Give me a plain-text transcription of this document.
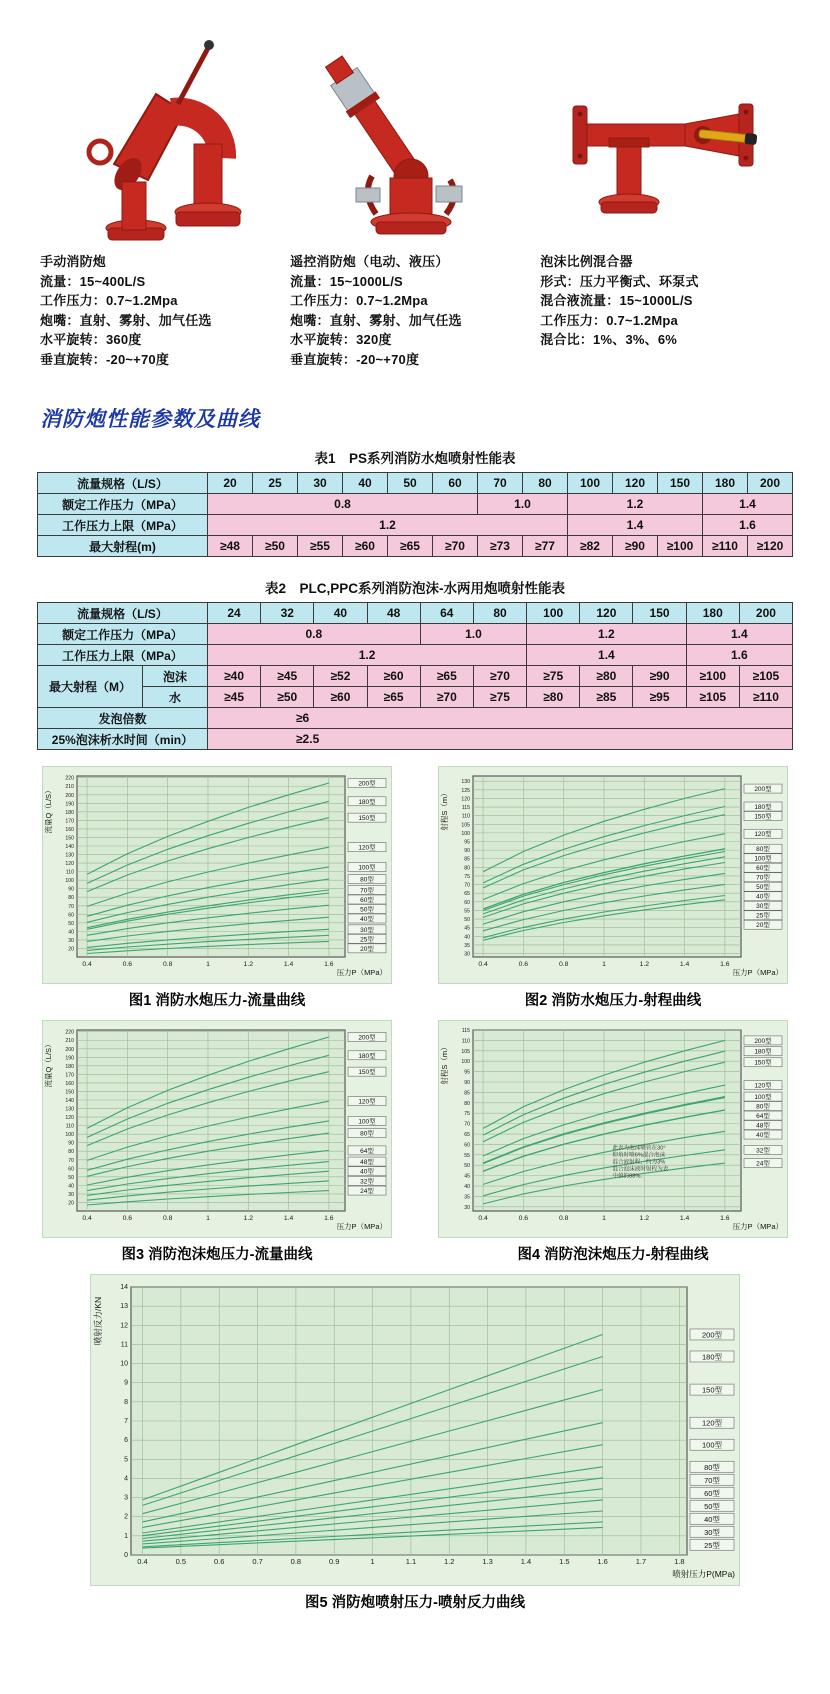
手动消防炮
流量：15~400L/S
工作压力：0.7~1.2Mpa
炮嘴：直射、雾射、加气任选
水平旋转：360度
垂直旋转：-20~+70度
遥控消防炮（电动、液压）
流量：15~1000L/S
工作压力：0.7~1.2Mpa
炮嘴：直射、雾射、加气任选
水平旋转：320度
垂直旋转：-20~+70度
泡沫比例混合器
形式：压力平衡式、环泵式
混合液流量：15~1000L/S
工作压力：0.7~1.2Mpa
混合比：1%、3%、6%
消防炮性能参数及曲线
表1　PS系列消防水炮喷射性能表
流量规格（L/S）	20	25	30	40	50	60	70	80	100	120	150	180	200
额定工作压力（MPa）	0.8						1.0		1.2			1.4	
工作压力上限（MPa）	1.2								1.4			1.6	
最大射程(m)	≥48	≥50	≥55	≥60	≥65	≥70	≥73	≥77	≥82	≥90	≥100	≥110	≥120
表2　PLC,PPC系列消防泡沫-水两用炮喷射性能表
流量规格（L/S）		24	32	40	48	64	80	100	120	150	180	200
额定工作压力（MPa）		0.8				1.0		1.2			1.4	
工作压力上限（MPa）		1.2						1.4			1.6	
最大射程（M）	泡沫	≥40	≥45	≥52	≥60	≥65	≥70	≥75	≥80	≥90	≥100	≥105
	水	≥45	≥50	≥60	≥65	≥70	≥75	≥80	≥85	≥95	≥105	≥110
发泡倍数		≥6										
25%泡沫析水时间（min）		≥2.5										
0.4	0.6	0.8	1	1.2	1.4	1.6
20
30
40
50
60
70
80
90
100
110
120
130
140
150
160
170
180
190
200
210
220
200型
180型
150型
120型
100型
80型
70型
60型
50型
40型
30型
25型
20型
压力P（MPa）
流量Q（L/S）
图1 消防水炮压力-流量曲线
0.4	0.6	0.8	1	1.2	1.4	1.6
30
35
40
45
50
55
60
65
70
75
80
85
90
95
100
105
110
115
120
125
130
200型
180型
150型
120型
80型
100型
60型
70型
50型
40型
30型
25型
20型
压力P（MPa）
射程S（m）
图2 消防水炮压力-射程曲线
0.4	0.6	0.8	1	1.2	1.4	1.6
20
30
40
50
60
70
80
90
100
110
120
130
140
150
160
170
180
190
200
210
220
200型
180型
150型
120型
100型
80型
64型
48型
40型
32型
24型
压力P（MPa）
流量Q（L/S）
图3 消防泡沫炮压力-流量曲线
0.4	0.6	0.8	1	1.2	1.4	1.6
30
35
40
45
50
55
60
65
70
75
80
85
90
95
100
105
110
115
200型
180型
150型
120型
100型
80型
64型
48型
40型
32型
24型
压力P（MPa）
射程S（m）
此表为泡沫喷管在30°
仰角时喷6%混合泡沫
混合液射程，约为3%
混合泡沫液时射程为表
中值的88%。
图4 消防泡沫炮压力-射程曲线
0.4	0.5	0.6	0.7	0.8	0.9	1	1.1	1.2	1.3	1.4	1.5	1.6	1.7	1.8
0
1
2
3
4
5
6
7
8
9
10
11
12
13
14
200型
180型
150型
120型
100型
80型
70型
60型
50型
40型
30型
25型
喷射压力P(MPa)
喷射反力/KN
图5 消防炮喷射压力-喷射反力曲线
